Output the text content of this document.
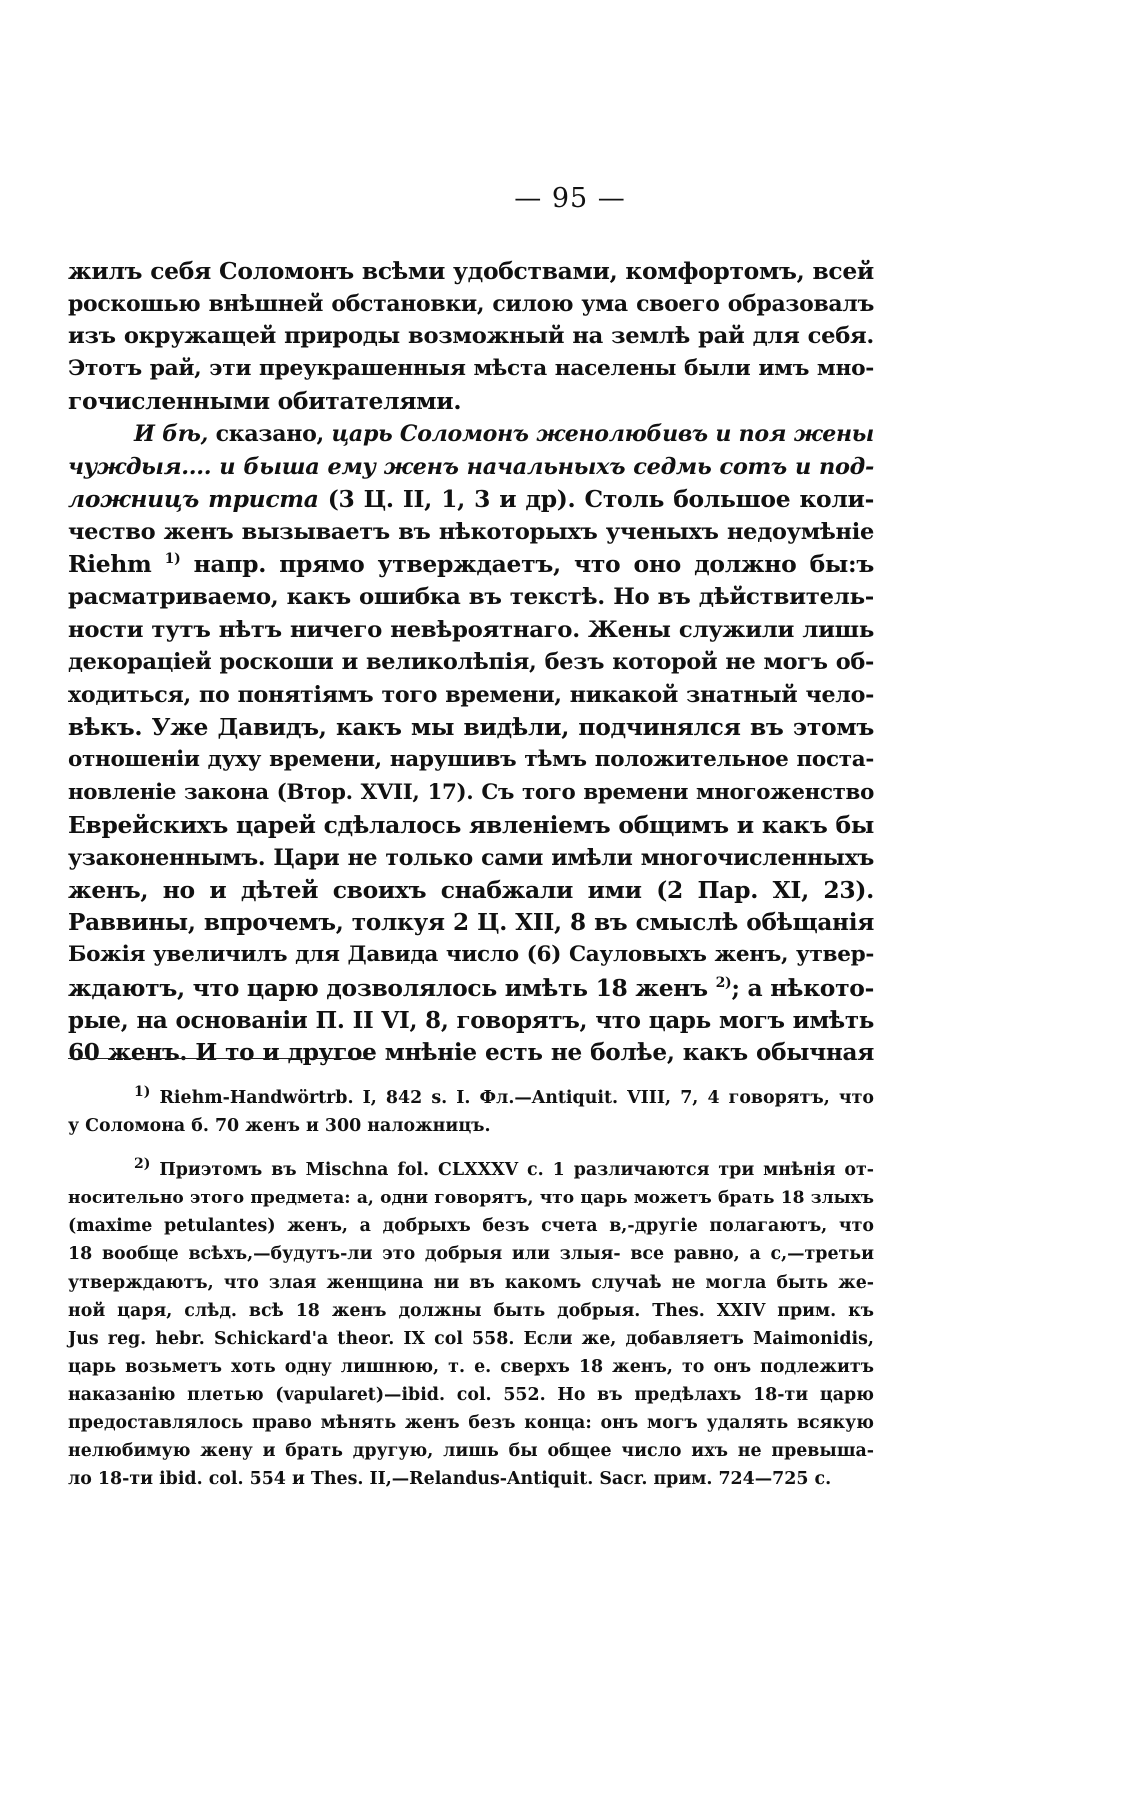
— 95 —
жилъ себя Соломонъ всѣми удобствами, комфортомъ, всей
роскошью внѣшней обстановки, силою ума своего образовалъ
изъ окружащей природы возможный на землѣ рай для себя.
Этотъ рай, эти преукрашенныя мѣста населены были имъ мно-
гочисленными обитателями.
И бѣ, сказано, царь Соломонъ женолюбивъ и поя жены
чуждыя.... и быша ему женъ начальныхъ седмь сотъ и под-
ложницъ триста (3 Ц. II, 1, 3 и др). Столь большое коли-
чество женъ вызываетъ въ нѣкоторыхъ ученыхъ недоумѣніе
Riehm $^{1)}$ напр. прямо утверждаетъ, что оно должно бы:ъ
расматриваемо, какъ ошибка въ текстѣ. Но въ дѣйствитель-
ности тутъ нѣтъ ничего невѣроятнаго. Жены служили лишь
декораціей роскоши и великолѣпія, безъ которой не могъ об-
ходиться, по понятіямъ того времени, никакой знатный чело-
вѣкъ. Уже Давидъ, какъ мы видѣли, подчинялся въ этомъ
отношеніи духу времени, нарушивъ тѣмъ положительное поста-
новленіе закона (Втор. XVII, 17). Съ того времени многоженство
Еврейскихъ царей сдѣлалось явленіемъ общимъ и какъ бы
узаконеннымъ. Цари не только сами имѣли многочисленныхъ
женъ, но и дѣтей своихъ снабжали ими (2 Пар. XI, 23).
Раввины, впрочемъ, толкуя 2 Ц. XII, 8 въ смыслѣ обѣщанія
Божія увеличилъ для Давида число (6) Сауловыхъ женъ, утвер-
ждаютъ, что царю дозволялось имѣть 18 женъ $^{2)}$; а нѣкото-
рые, на основаніи П. II VI, 8, говорятъ, что царь могъ имѣть
60 женъ. И то и другое мнѣніе есть не болѣе, какъ обычная
$^{1)}$ Riehm-Handwörtrb. I, 842 s. I. Фл.—Antiquit. VIII, 7, 4 говорятъ, что
у Соломона б. 70 женъ и 300 наложницъ.
$^{2)}$ Приэтомъ въ Mischna fol. CLXXXV c. 1 различаются три мнѣнія от-
носительно этого предмета: а, одни говорятъ, что царь можетъ брать 18 злыхъ
(maxime petulantes) женъ, а добрыхъ безъ счета в,-другіе полагаютъ, что
18 вообще всѣхъ,—будутъ-ли это добрыя или злыя- все равно, а с,—третьи
утверждаютъ, что злая женщина ни въ какомъ случаѣ не могла быть же-
ной царя, слѣд. всѣ 18 женъ должны быть добрыя. Thes. XXIV прим. къ
Jus reg. hebr. Schickard'a theor. IX col 558. Если же, добавляетъ Maimonidis,
царь возьметъ хоть одну лишнюю, т. е. сверхъ 18 женъ, то онъ подлежитъ
наказанію плетью (vapularet)—ibid. col. 552. Но въ предѣлахъ 18-ти царю
предоставлялось право мѣнять женъ безъ конца: онъ могъ удалять всякую
нелюбимую жену и брать другую, лишь бы общее число ихъ не превыша-
ло 18-ти ibid. col. 554 и Thes. II,—Relandus-Antiquit. Sacr. прим. 724—725 с.
